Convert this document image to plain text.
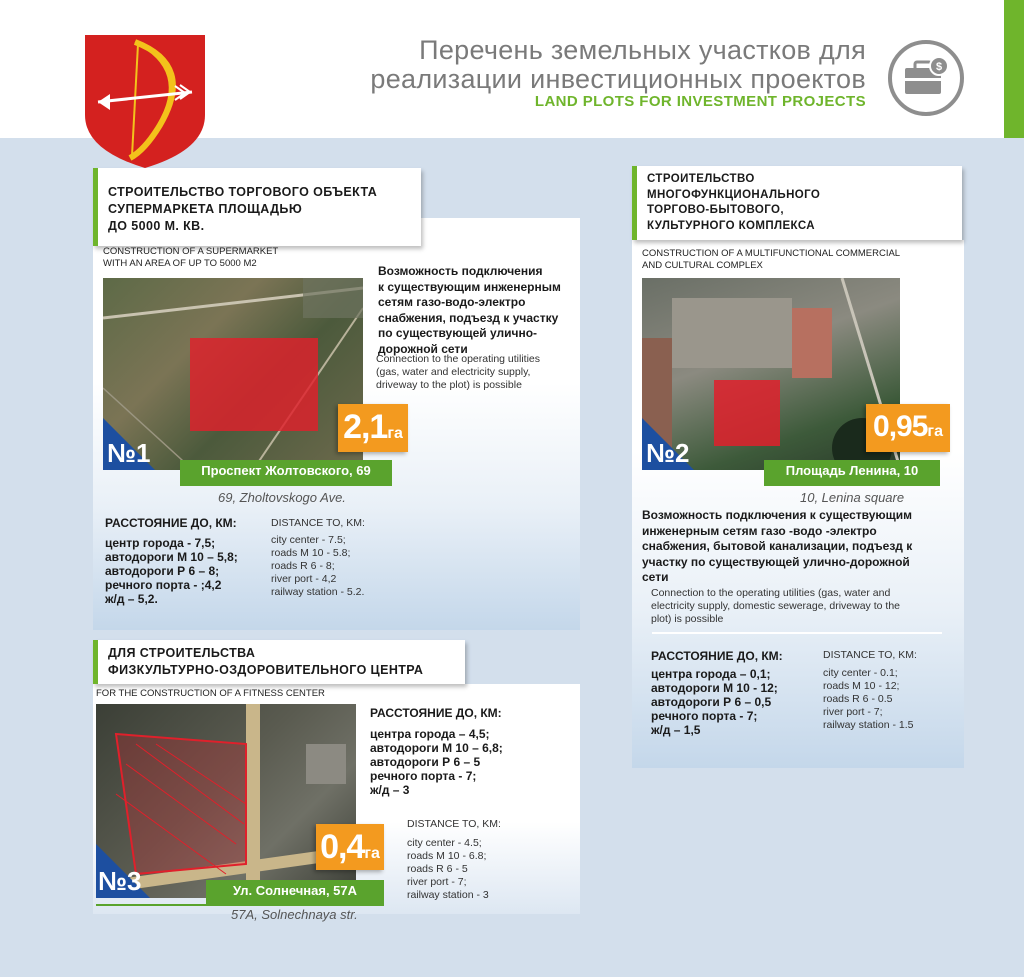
Перечень земельных участков для
реализации инвестиционных проектов
LAND PLOTS FOR INVESTMENT PROJECTS
$
СТРОИТЕЛЬСТВО ТОРГОВОГО ОБЪЕКТА
СУПЕРМАРКЕТА ПЛОЩАДЬЮ
ДО 5000 М. КВ.
CONSTRUCTION OF A SUPERMARKET
WITH AN AREA OF UP TO 5000 M2
№1
2,1га
Проспект Жолтовского, 69
69, Zholtovskogo Ave.
Возможность подключения
к существующим инженерным
сетям газо-водо-электро
снабжения, подъезд к участку
по существующей улично-
дорожной сети
Connection to the operating utilities
(gas, water and electricity supply,
driveway to the plot) is possible
РАССТОЯНИЕ ДО, КМ:	DISTANCE TO, KM:
центр города - 7,5;
автодороги М 10 – 5,8;
автодороги Р 6 – 8;
речного порта - ;4,2
ж/д – 5,2.
city center - 7.5;
roads M 10 - 5.8;
roads R 6 - 8;
river port - 4,2
railway station - 5.2.
СТРОИТЕЛЬСТВО
МНОГОФУНКЦИОНАЛЬНОГО
ТОРГОВО-БЫТОВОГО,
КУЛЬТУРНОГО КОМПЛЕКСА
CONSTRUCTION OF A MULTIFUNCTIONAL COMMERCIAL
AND CULTURAL COMPLEX
№2
0,95га
Площадь Ленина, 10
10, Lenina square
Возможность подключения к существующим
инженерным сетям газо -водо -электро
снабжения, бытовой канализации, подъезд к
участку по существующей улично-дорожной
сети
Connection to the operating utilities (gas, water and
electricity supply, domestic sewerage, driveway to the
plot) is possible
РАССТОЯНИЕ ДО, КМ:	DISTANCE TO, KM:
центра города – 0,1;
автодороги М 10 - 12;
автодороги Р 6 – 0,5
речного порта - 7;
ж/д – 1,5
city center - 0.1;
roads M 10 - 12;
roads R 6 - 0.5
river port - 7;
railway station - 1.5
ДЛЯ СТРОИТЕЛЬСТВА
ФИЗКУЛЬТУРНО-ОЗДОРОВИТЕЛЬНОГО ЦЕНТРА
FOR THE CONSTRUCTION OF A FITNESS CENTER
№3
0,4га
Ул. Солнечная, 57А
57A, Solnechnaya str.
РАССТОЯНИЕ ДО, КМ:
центра города – 4,5;
автодороги М 10 – 6,8;
автодороги Р 6 – 5
речного порта - 7;
ж/д – 3
DISTANCE TO, KM:
city center - 4.5;
roads M 10 - 6.8;
roads R 6 - 5
river port - 7;
railway station - 3
